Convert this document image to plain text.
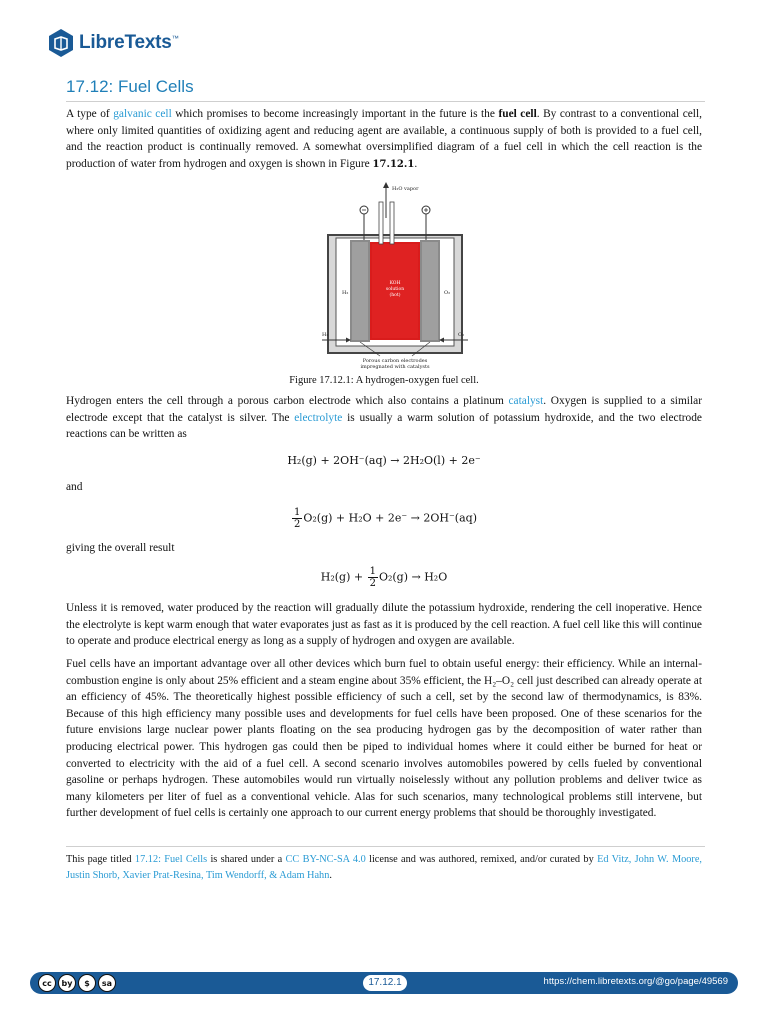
LibreTexts™
17.12: Fuel Cells

A type of galvanic cell which promises to become increasingly important in the future is the fuel cell. By contrast to a conventional cell, where only limited quantities of oxidizing agent and reducing agent are available, a continuous supply of both is provided to a fuel cell, and the reaction product is continually removed. A somewhat oversimplified diagram of a fuel cell in which the cell reaction is the production of water from hydrogen and oxygen is shown in Figure 17.12.1.

H₂O vapor
KOH
solution
(hot)
H₂	O₂
H₂	O₂
Porous carbon electrodes
impregnated with catalysts
Figure 17.12.1: A hydrogen-oxygen fuel cell.

Hydrogen enters the cell through a porous carbon electrode which also contains a platinum catalyst. Oxygen is supplied to a similar electrode except that the catalyst is silver. The electrolyte is usually a warm solution of potassium hydroxide, and the two electrode reactions can be written as

H₂(g) + 2OH⁻(aq) → 2H₂O(l) + 2e⁻
and
$\frac{1}{2} O_2(g) + H_2O + 2e^- \to 2OH^-(aq)$
giving the overall result
$H_2(g) + \frac{1}{2} O_2(g) \to H_2O$
Unless it is removed, water produced by the reaction will gradually dilute the potassium hydroxide, rendering the cell inoperative. Hence the electrolyte is kept warm enough that water evaporates just as fast as it is produced by the cell reaction. A fuel cell like this will continue to operate and produce electrical energy as long as a supply of hydrogen and oxygen are available.
Fuel cells have an important advantage over all other devices which burn fuel to obtain useful energy: their efficiency. While an internal-combustion engine is only about 25% efficient and a steam engine about 35% efficient, the H₂–O₂ cell just described can already operate at an efficiency of 45%. The theoretically highest possible efficiency of such a cell, set by the second law of thermodynamics, is 83%. Because of this high efficiency many possible uses and developments for fuel cells have been proposed. One of these scenarios for the future envisions large nuclear power plants floating on the sea producing hydrogen gas by the decomposition of water rather than producing electrical power. This hydrogen gas could then be piped to individual homes where it could either be burned for heat or converted to electricity with the aid of a fuel cell. A second scenario involves automobiles powered by cells fueled by conventional gasoline or perhaps hydrogen. These automobiles would run virtually noiselessly without any pollution problems and deliver twice as many kilometers per liter of fuel as a conventional vehicle. Alas for such scenarios, many technological problems still intervene, but further development of fuel cells is certainly one approach to our current energy problems that should be thoroughly investigated.
This page titled 17.12: Fuel Cells is shared under a CC BY-NC-SA 4.0 license and was authored, remixed, and/or curated by Ed Vitz, John W. Moore, Justin Shorb, Xavier Prat-Resina, Tim Wendorff, & Adam Hahn.
cc	by	$	sa	17.12.1	https://chem.libretexts.org/@go/page/49569
